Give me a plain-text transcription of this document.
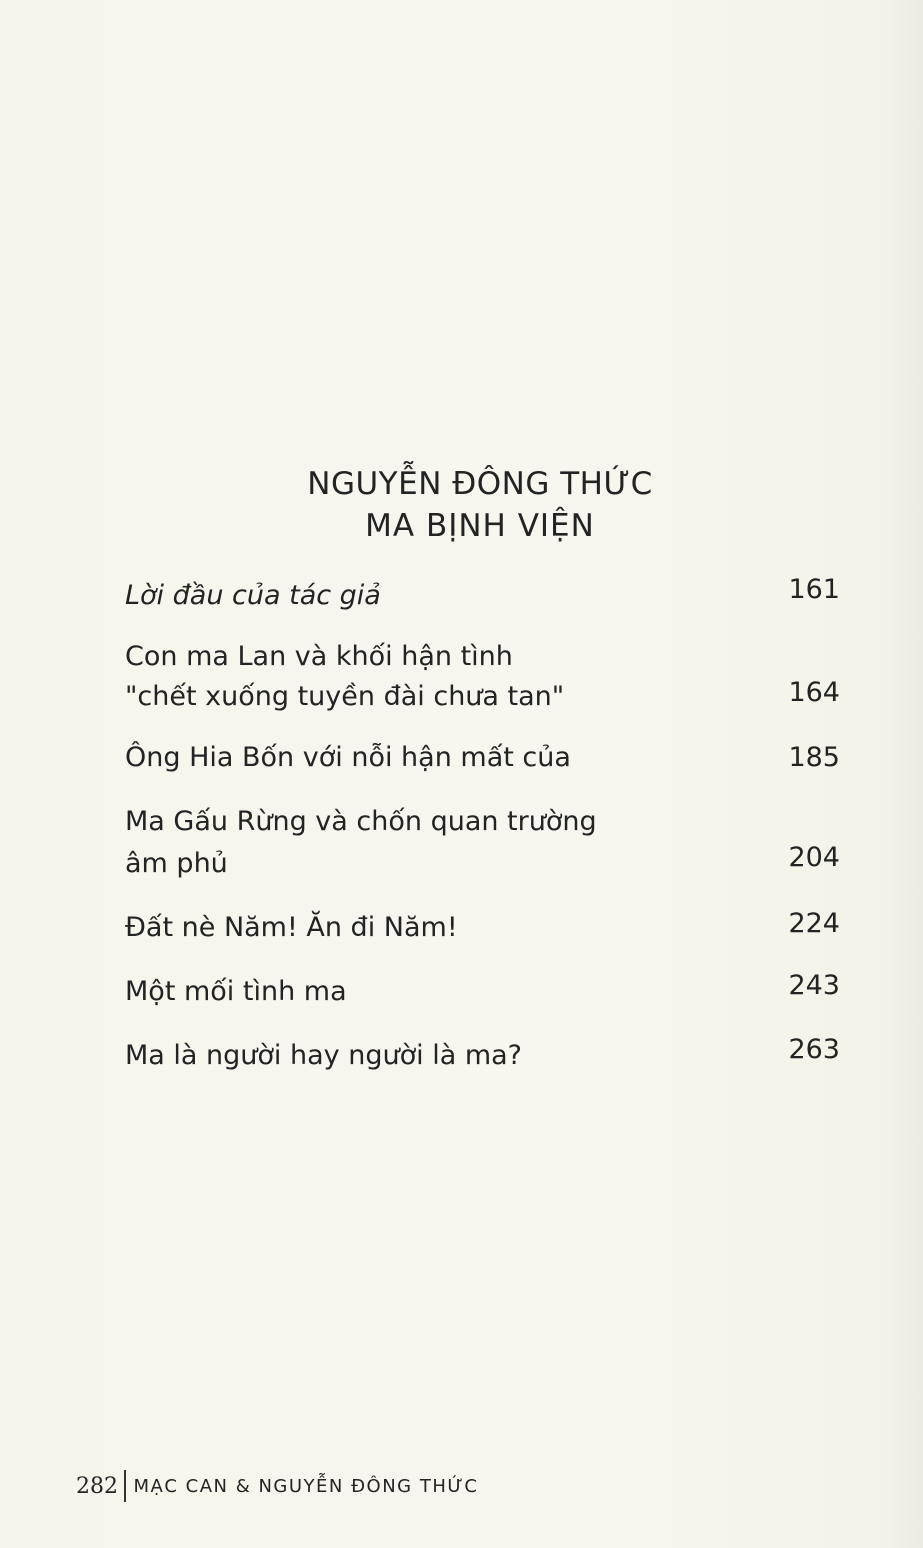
NGUYỄN ĐÔNG THỨC
MA BỊNH VIỆN
Lời đầu của tác giả	161
Con ma Lan và khối hận tình
"chết xuống tuyền đài chưa tan"	164
Ông Hia Bốn với nỗi hận mất của	185
Ma Gấu Rừng và chốn quan trường
âm phủ	204
Đất nè Năm! Ăn đi Năm!	224
Một mối tình ma	243
Ma là người hay người là ma?	263
282 MẠC CAN & NGUYỄN ĐÔNG THỨC
